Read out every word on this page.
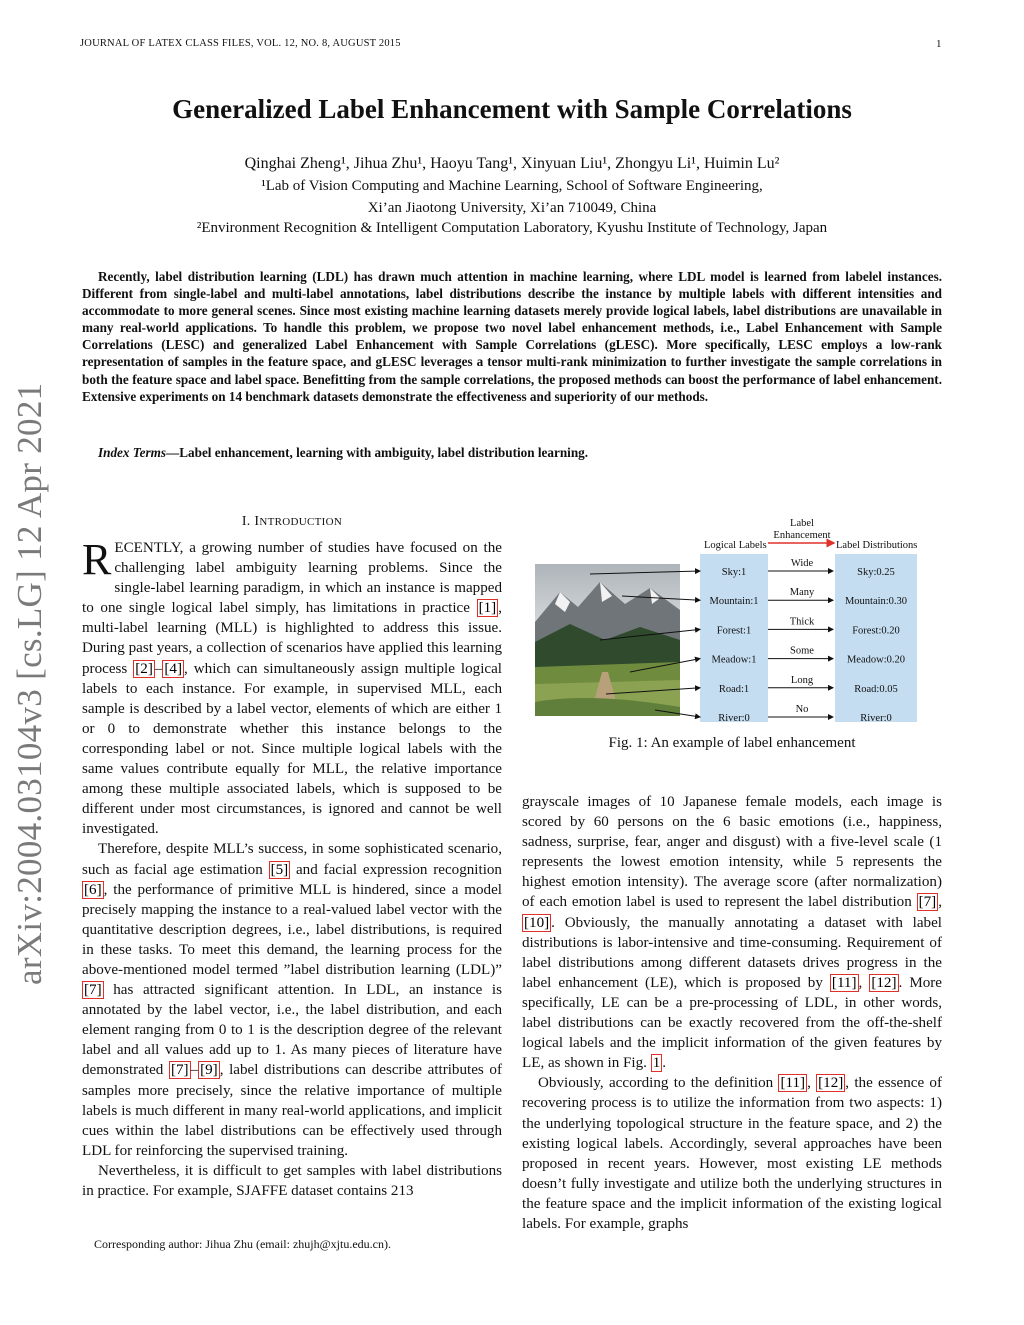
JOURNAL OF LATEX CLASS FILES, VOL. 12, NO. 8, AUGUST 2015	1
arXiv:2004.03104v3 [cs.LG] 12 Apr 2021
Generalized Label Enhancement with Sample Correlations
Qinghai Zheng¹, Jihua Zhu¹, Haoyu Tang¹, Xinyuan Liu¹, Zhongyu Li¹, Huimin Lu²
¹Lab of Vision Computing and Machine Learning, School of Software Engineering,
Xi’an Jiaotong University, Xi’an 710049, China
²Environment Recognition & Intelligent Computation Laboratory, Kyushu Institute of Technology, Japan

Recently, label distribution learning (LDL) has drawn much attention in machine learning, where LDL model is learned from labelel instances. Different from single-label and multi-label annotations, label distributions describe the instance by multiple labels with different intensities and accommodate to more general scenes. Since most existing machine learning datasets merely provide logical labels, label distributions are unavailable in many real-world applications. To handle this problem, we propose two novel label enhancement methods, i.e., Label Enhancement with Sample Correlations (LESC) and generalized Label Enhancement with Sample Correlations (gLESC). More specifically, LESC employs a low-rank representation of samples in the feature space, and gLESC leverages a tensor multi-rank minimization to further investigate the sample correlations in both the feature space and label space. Benefitting from the sample correlations, the proposed methods can boost the performance of label enhancement. Extensive experiments on 14 benchmark datasets demonstrate the effectiveness and superiority of our methods.

Index Terms—Label enhancement, learning with ambiguity, label distribution learning.
I. INTRODUCTION

RECENTLY, a growing number of studies have focused on the challenging label ambiguity learning problems. Since the single-label learning paradigm, in which an instance is mapped to one single logical label simply, has limitations in practice [1] , multi-label learning (MLL) is highlighted to address this issue. During past years, a collection of scenarios have applied this learning process [2] – [4] , which can simultaneously assign multiple logical labels to each instance. For example, in supervised MLL, each sample is described by a label vector, elements of which are either 1 or 0 to demonstrate whether this instance belongs to the corresponding label or not. Since multiple logical labels with the same values contribute equally for MLL, the relative importance among these multiple associated labels, which is supposed to be different under most circumstances, is ignored and cannot be well investigated.

Therefore, despite MLL’s success, in some sophisticated scenario, such as facial age estimation [5] and facial expression recognition [6] , the performance of primitive MLL is hindered, since a model precisely mapping the instance to a real-valued label vector with the quantitative description degrees, i.e., label distributions, is required in these tasks. To meet this demand, the learning process for the above-mentioned model termed ”label distribution learning (LDL)” [7] has attracted significant attention. In LDL, an instance is annotated by the label vector, i.e., the label distribution, and each element ranging from 0 to 1 is the description degree of the relevant label and all values add up to 1. As many pieces of literature have demonstrated [7] – [9] , label distributions can describe attributes of samples more precisely, since the relative importance of multiple labels is much different in many real-world applications, and implicit cues within the label distributions can be effectively used through LDL for reinforcing the supervised training.

Nevertheless, it is difficult to get samples with label distributions in practice. For example, SJAFFE dataset contains 213

Corresponding author: Jihua Zhu (email: zhujh@xjtu.edu.cn).
Label
Enhancement
Logical Labels	Label Distributions
Sky:1	Sky:0.25
Wide
Mountain:1	Mountain:0.30
Many
Forest:1	Forest:0.20
Thick
Meadow:1	Meadow:0.20
Some
Road:1	Road:0.05
Long
River:0	River:0
No
Fig. 1: An example of label enhancement

grayscale images of 10 Japanese female models, each image is scored by 60 persons on the 6 basic emotions (i.e., happiness, sadness, surprise, fear, anger and disgust) with a five-level scale (1 represents the lowest emotion intensity, while 5 represents the highest emotion intensity). The average score (after normalization) of each emotion label is used to represent the label distribution [7] , [10] . Obviously, the manually annotating a dataset with label distributions is labor-intensive and time-consuming. Requirement of label distributions among different datasets drives progress in the label enhancement (LE), which is proposed by [11] , [12] . More specifically, LE can be a pre-processing of LDL, in other words, label distributions can be exactly recovered from the off-the-shelf logical labels and the implicit information of the given features by LE, as shown in Fig. 1 .

Obviously, according to the definition [11] , [12] , the essence of recovering process is to utilize the information from two aspects: 1) the underlying topological structure in the feature space, and 2) the existing logical labels. Accordingly, several approaches have been proposed in recent years. However, most existing LE methods doesn’t fully investigate and utilize both the underlying structures in the feature space and the implicit information of the existing logical labels. For example, graphs
